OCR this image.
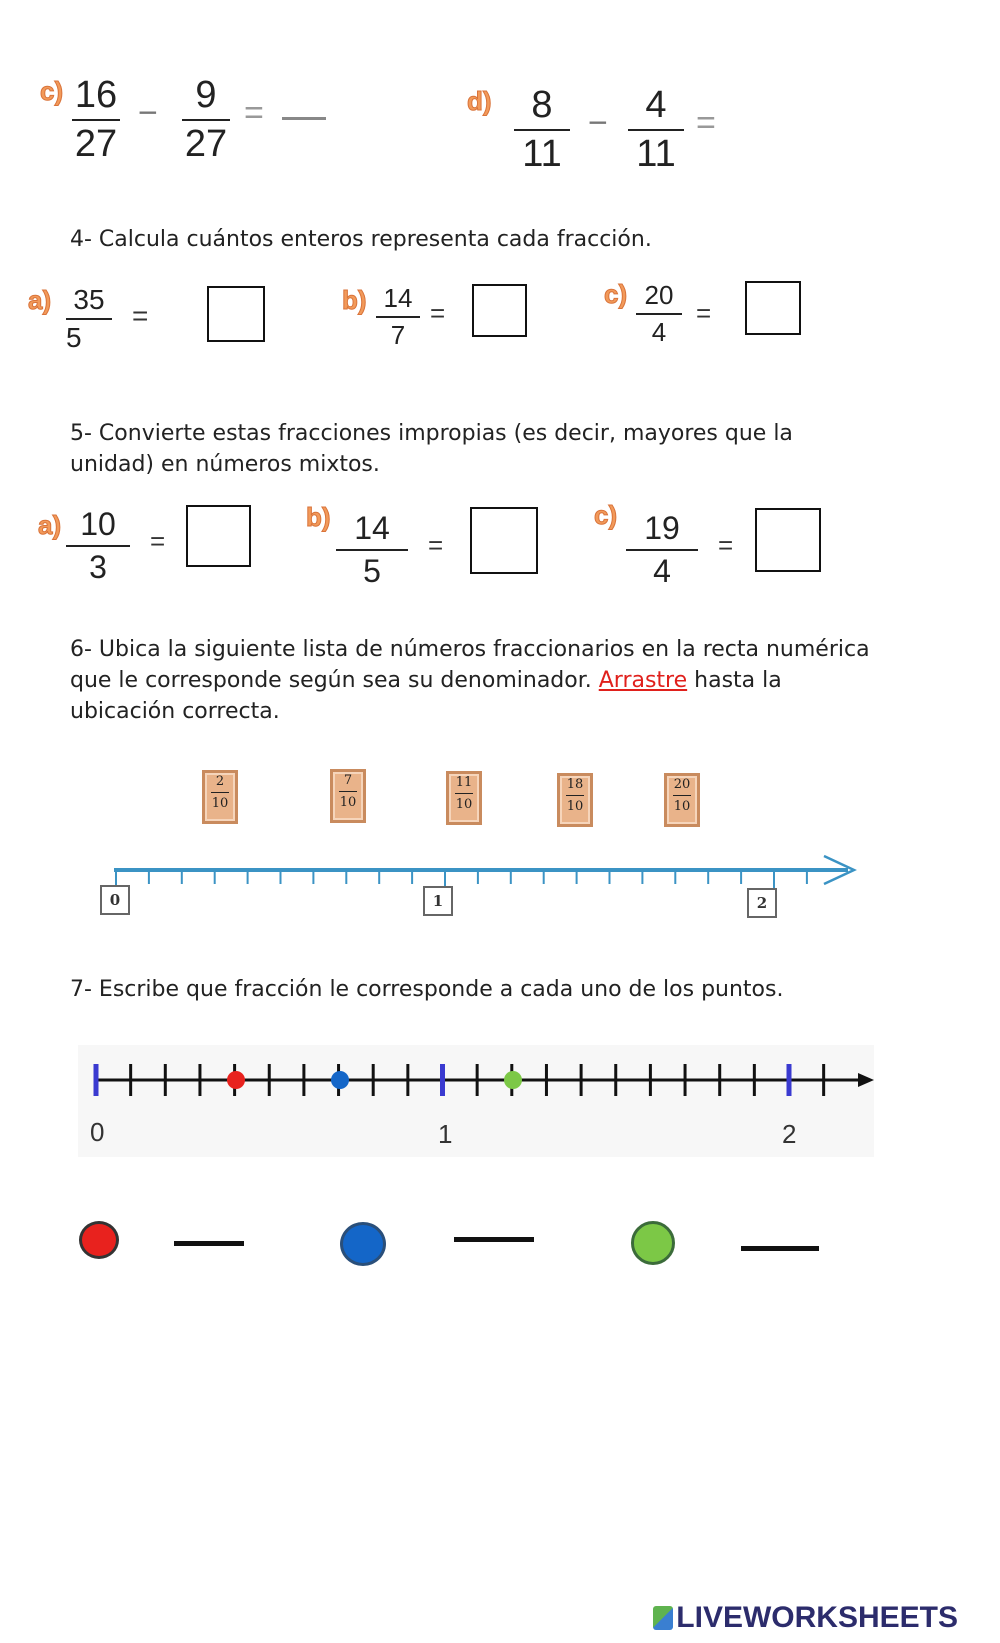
c) 16
27
− 9
27
=	d)	8
11
− 4
11
=
4- Calcula cuántos enteros representa cada fracción.
a) 35
5
=	b) 14
7
=
c) 20
4
=
5- Convierte estas fracciones impropias (es decir, mayores que la
unidad) en números mixtos.
a) 10
3
=
b) 14
5
=
c) 19
4
=
6- Ubica la siguiente lista de números fraccionarios en la recta numérica
que le corresponde según sea su denominador. Arrastre hasta la
ubicación correcta.
2
10
7
10
11
10
18
10
20
10
0	1	2
7- Escribe que fracción le corresponde a cada uno de los puntos.
0	1	2
LIVEWORKSHEETS
